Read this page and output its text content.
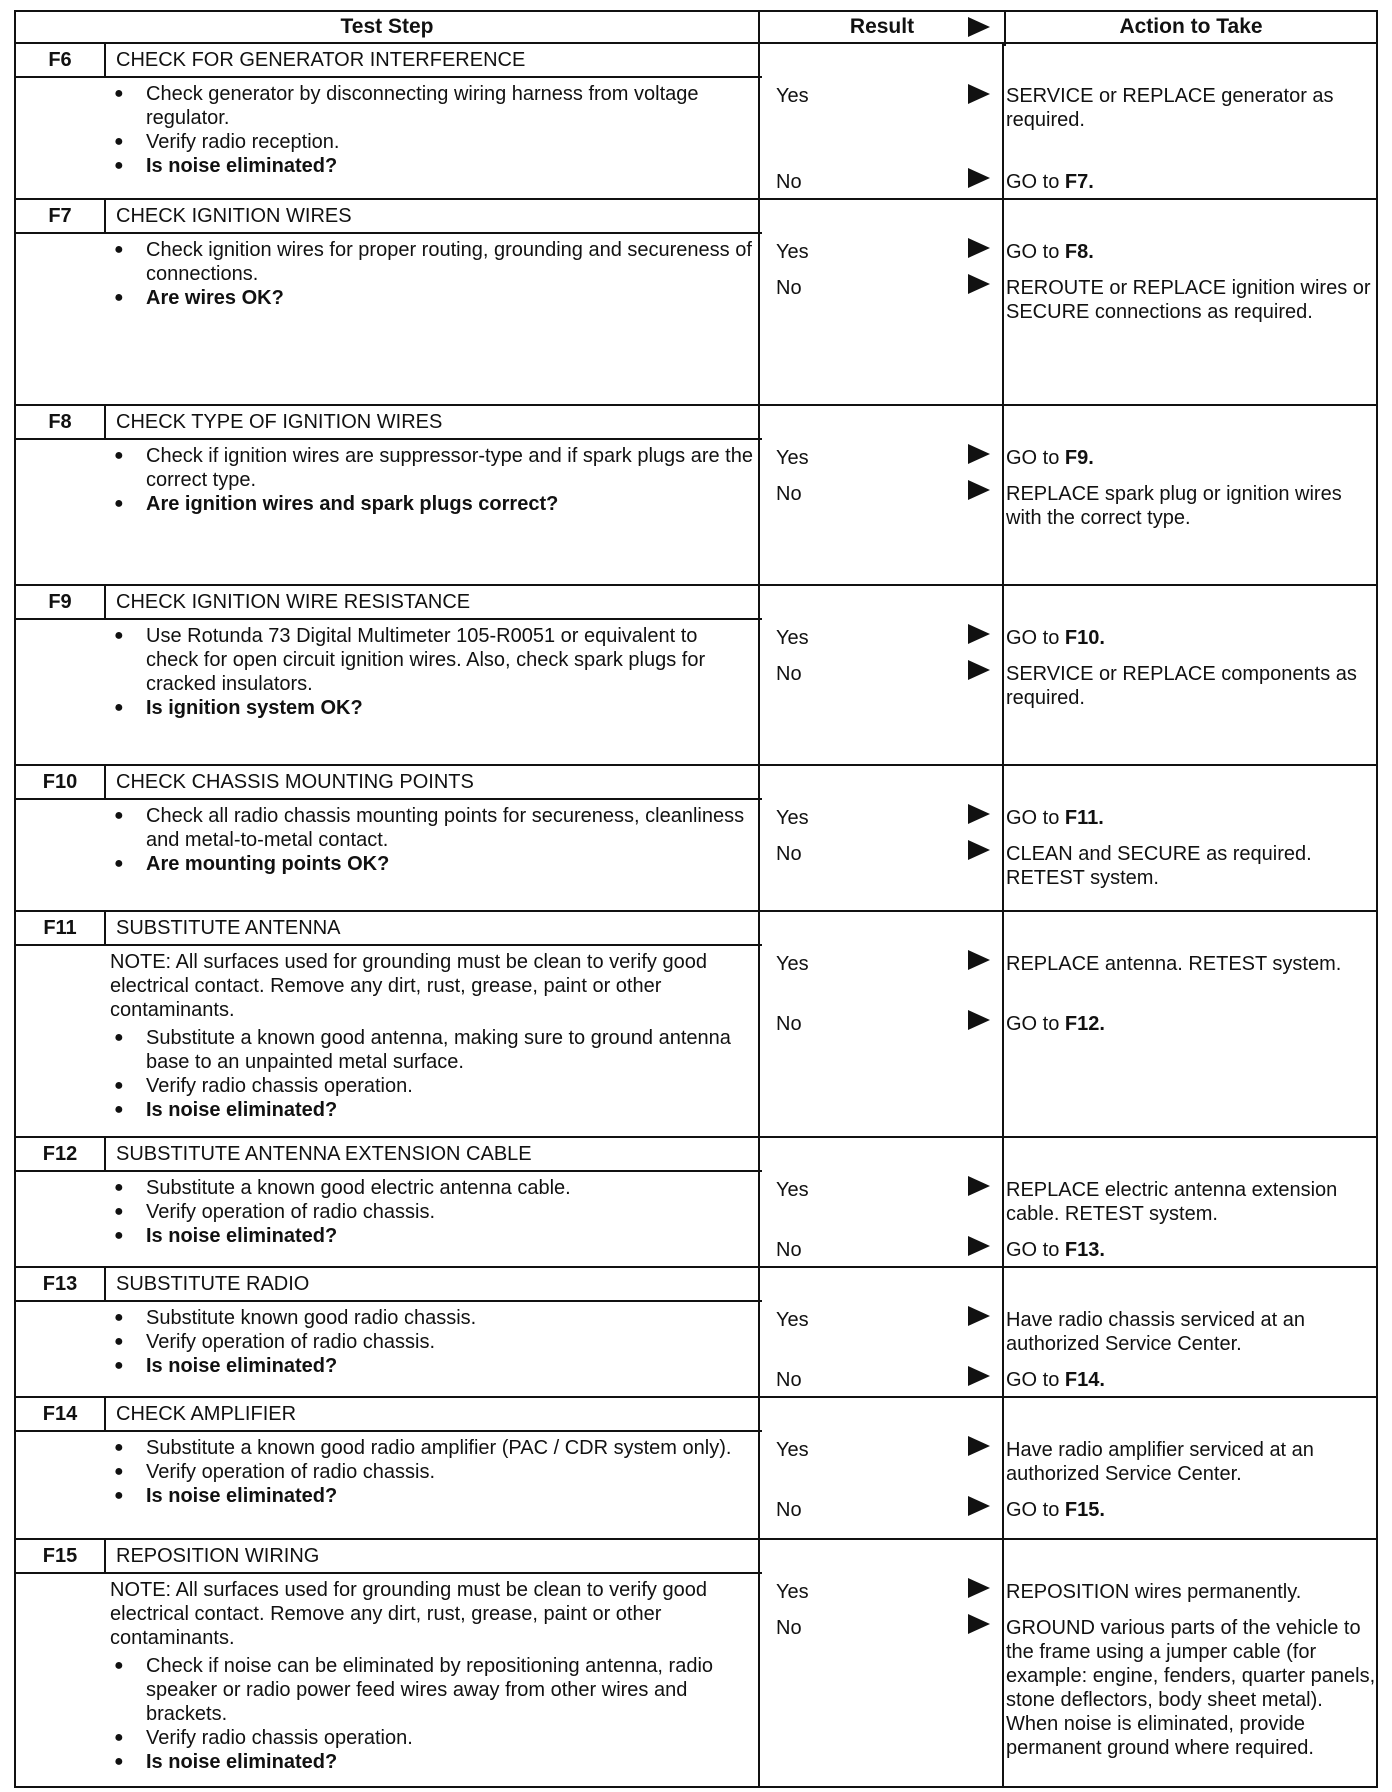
Test Step	Result	Action to Take
F6	CHECK FOR GENERATOR INTERFERENCE
● Check generator by disconnecting wiring harness from voltage regulator.
● Verify radio reception.
● Is noise eliminated?
Yes	SERVICE or REPLACE generator as required.
No	GO to F7.
F7	CHECK IGNITION WIRES
● Check ignition wires for proper routing, grounding and secureness of connections.
● Are wires OK?
Yes	GO to F8.
No	REROUTE or REPLACE ignition wires or SECURE connections as required.
F8	CHECK TYPE OF IGNITION WIRES
● Check if ignition wires are suppressor-type and if spark plugs are the correct type.
● Are ignition wires and spark plugs correct?
Yes	GO to F9.
No	REPLACE spark plug or ignition wires with the correct type.
F9	CHECK IGNITION WIRE RESISTANCE
● Use Rotunda 73 Digital Multimeter 105-R0051 or equivalent to check for open circuit ignition wires. Also, check spark plugs for cracked insulators.
● Is ignition system OK?
Yes	GO to F10.
No	SERVICE or REPLACE components as required.
F10	CHECK CHASSIS MOUNTING POINTS
● Check all radio chassis mounting points for secureness, cleanliness and metal-to-metal contact.
● Are mounting points OK?
Yes	GO to F11.
No	CLEAN and SECURE as required. RETEST system.
F11	SUBSTITUTE ANTENNA
NOTE: All surfaces used for grounding must be clean to verify good electrical contact. Remove any dirt, rust, grease, paint or other contaminants.
● Substitute a known good antenna, making sure to ground antenna base to an unpainted metal surface.
● Verify radio chassis operation.
● Is noise eliminated?
Yes	REPLACE antenna. RETEST system.
No	GO to F12.
F12	SUBSTITUTE ANTENNA EXTENSION CABLE
● Substitute a known good electric antenna cable.
● Verify operation of radio chassis.
● Is noise eliminated?
Yes	REPLACE electric antenna extension cable. RETEST system.
No	GO to F13.
F13	SUBSTITUTE RADIO
● Substitute known good radio chassis.
● Verify operation of radio chassis.
● Is noise eliminated?
Yes	Have radio chassis serviced at an authorized Service Center.
No	GO to F14.
F14	CHECK AMPLIFIER
● Substitute a known good radio amplifier (PAC / CDR system only).
● Verify operation of radio chassis.
● Is noise eliminated?
Yes	Have radio amplifier serviced at an authorized Service Center.
No	GO to F15.
F15	REPOSITION WIRING
NOTE: All surfaces used for grounding must be clean to verify good electrical contact. Remove any dirt, rust, grease, paint or other contaminants.
● Check if noise can be eliminated by repositioning antenna, radio speaker or radio power feed wires away from other wires and brackets.
● Verify radio chassis operation.
● Is noise eliminated?
Yes	REPOSITION wires permanently.
No	GROUND various parts of the vehicle to the frame using a jumper cable (for example: engine, fenders, quarter panels, stone deflectors, body sheet metal). When noise is eliminated, provide permanent ground where required.
